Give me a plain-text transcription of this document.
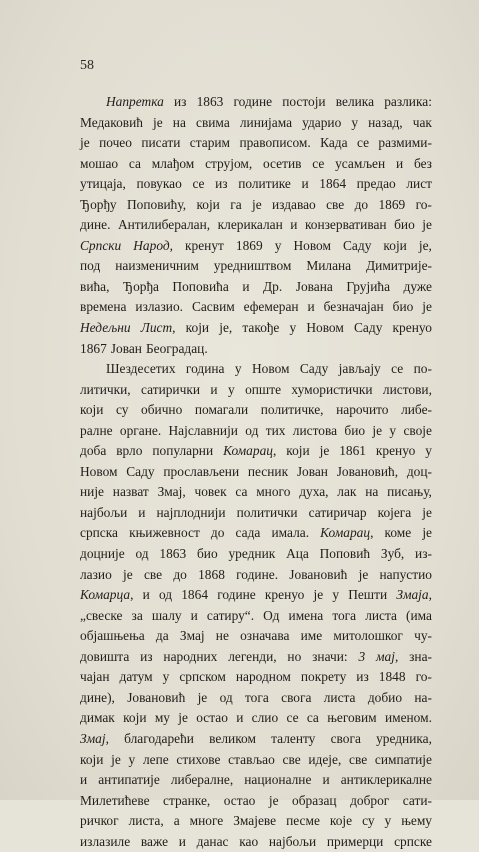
58
Напретка из 1863 године постоји велика разлика:
Медаковић је на свима линијама ударио у назад, чак
је почео писати старим правописом. Када се размими-
мошао са млађом струјом, осетив се усамљен и без
утицаја, повукао се из политике и 1864 предао лист
Ђорђу Поповићу, који га је издавао све до 1869 го-
дине. Антилибералан, клерикалан и конзервативан био је
Српски Народ, кренут 1869 у Новом Саду који је,
под наизменичним уредништвом Милана Димитрије-
вића, Ђорђа Поповића и Др. Јована Грујића дуже
времена излазио. Сасвим ефемеран и безначајан био је
Недељни Лист, који је, такође у Новом Саду кренуо
1867 Јован Београдац.
Шездесетих година у Новом Саду јављају се по-
литички, сатирички и у опште хумористички листови,
који су обично помагали политичке, нарочито либе-
ралне органе. Најславнији од тих листова био је у своје
доба врло популарни Комарац, који је 1861 кренуо у
Новом Саду прослављени песник Јован Јовановић, доц-
није назват Змај, човек са много духа, лак на писању,
најбољи и најплоднији политички сатиричар којега је
српска књижевност до сада имала. Комарац, коме је
доцније од 1863 био уредник Аца Поповић Зуб, из-
лазио је све до 1868 године. Јовановић је напустио
Комарца, и од 1864 године кренуо је у Пешти Змаја,
„свеске за шалу и сатиру“. Од имена тога листа (има
објашњења да Змај не означава име митолошког чу-
довишта из народних легенди, но значи: 3 мај, зна-
чајан датум у српском народном покрету из 1848 го-
дине), Јовановић је од тога свога листа добио на-
димак који му је остао и слио се са његовим именом.
Змај, благодарећи великом таленту свога уредника,
који је у лепе стихове стављао све идеје, све симпатије
и антипатије либералне, националне и антиклерикалне
Милетићеве странке, остао је образац доброг сати-
ричког листа, а многе Змајеве песме које су у њему
излазиле важе и данас као најбољи примерци српске
